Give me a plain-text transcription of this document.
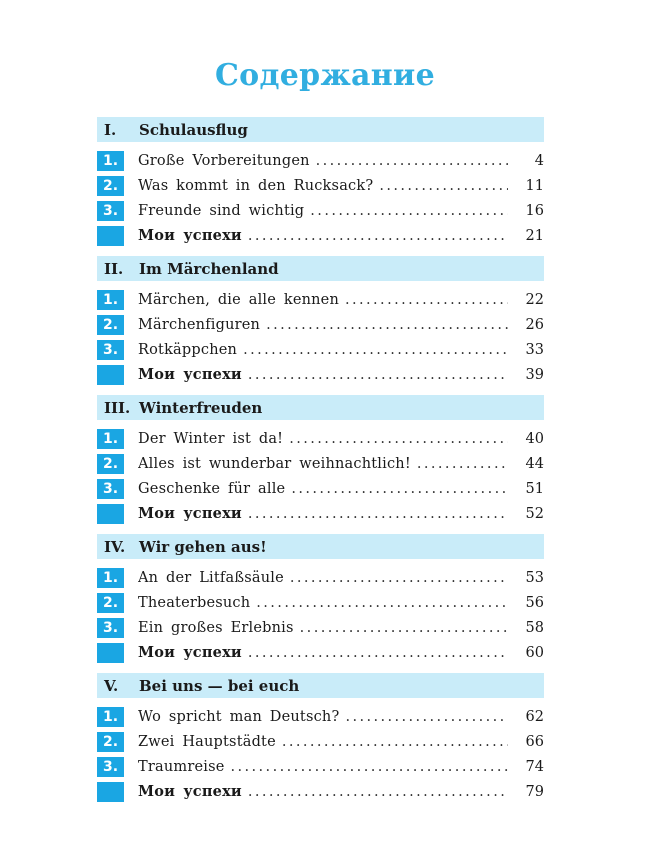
Содержание
I.	Schulausflug
1.	Große Vorbereitungen .....	4
2.	Was kommt in den Rucksack? .....	11
3.	Freunde sind wichtig .....	16
Мои успехи .....	21
II.	Im Märchenland
1.	Märchen, die alle kennen .....	22
2.	Märchenfiguren .....	26
3.	Rotkäppchen .....	33
Мои успехи .....	39
III. Winterfreuden
1.	Der Winter ist da! .....	40
2.	Alles ist wunderbar weihnachtlich! .....	44
3.	Geschenke für alle .....	51
Мои успехи .....	52
IV. Wir gehen aus!
1.	An der Litfaßsäule .....	53
2.	Theaterbesuch .....	56
3.	Ein großes Erlebnis .....	58
Мои успехи .....	60
V.	Bei uns — bei euch
1.	Wo spricht man Deutsch? .....	62
2.	Zwei Hauptstädte .....	66
3.	Traumreise .....	74
Мои успехи .....	79
